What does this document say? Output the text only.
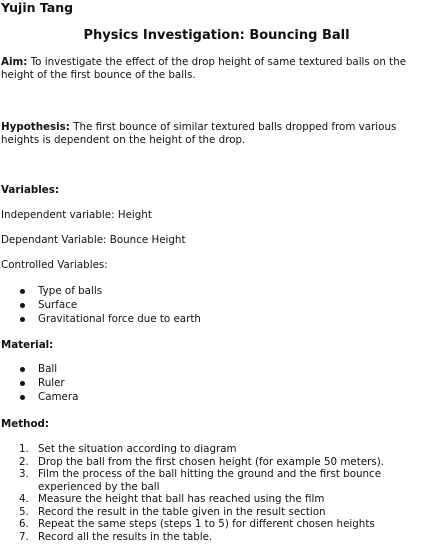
Yujin Tang
Physics Investigation: Bouncing Ball
Aim: To investigate the effect of the drop height of same textured balls on the height of the first bounce of the balls.
Hypothesis: The first bounce of similar textured balls dropped from various heights is dependent on the height of the drop.
Variables:
Independent variable: Height
Dependant Variable: Bounce Height
Controlled Variables:
Type of balls
Surface
Gravitational force due to earth
Material:
Ball
Ruler
Camera
Method:
1. Set the situation according to diagram
2. Drop the ball from the first chosen height (for example 50 meters).
3. Film the process of the ball hitting the ground and the first bounce experienced by the ball
4. Measure the height that ball has reached using the film
5. Record the result in the table given in the result section
6. Repeat the same steps (steps 1 to 5) for different chosen heights
7. Record all the results in the table.
